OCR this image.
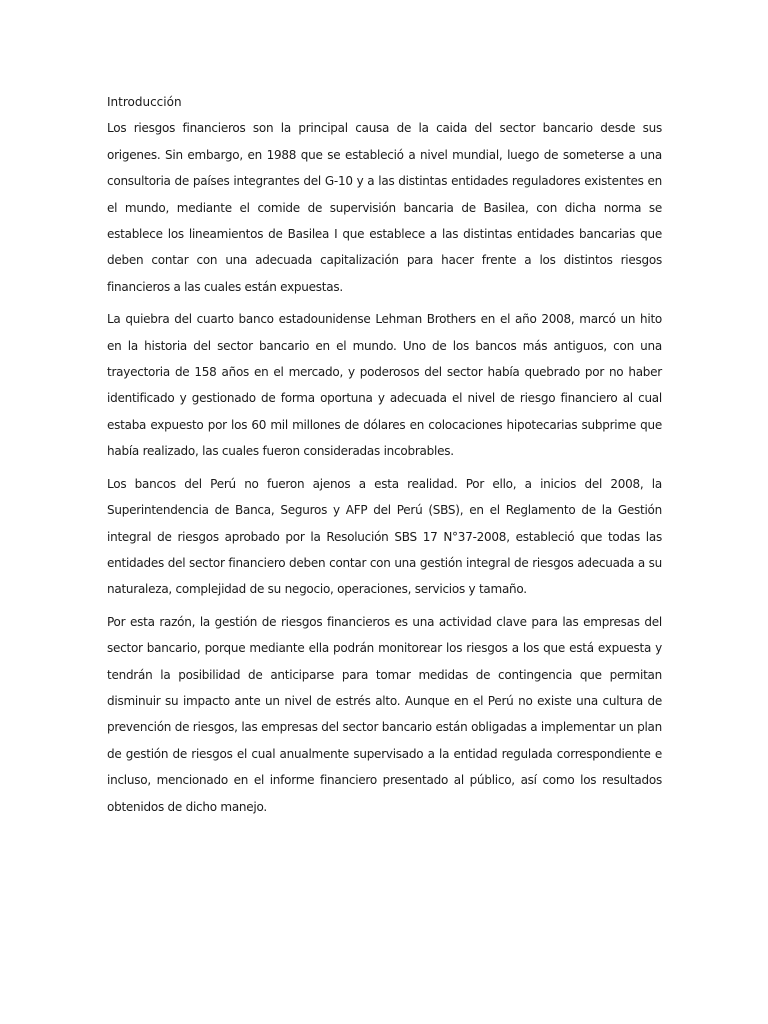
Introducción

Los riesgos financieros son la principal causa de la caida del sector bancario desde sus origenes. Sin embargo, en 1988 que se estableció a nivel mundial, luego de someterse a una consultoria de países integrantes del G-10 y a las distintas entidades reguladores existentes en el mundo, mediante el comide de supervisión bancaria de Basilea, con dicha norma se establece los lineamientos de Basilea I que establece a las distintas entidades bancarias que deben contar con una adecuada capitalización para hacer frente a los distintos riesgos financieros a las cuales están expuestas.

La quiebra del cuarto banco estadounidense Lehman Brothers en el año 2008, marcó un hito en la historia del sector bancario en el mundo. Uno de los bancos más antiguos, con una trayectoria de 158 años en el mercado, y poderosos del sector había quebrado por no haber identificado y gestionado de forma oportuna y adecuada el nivel de riesgo financiero al cual estaba expuesto por los 60 mil millones de dólares en colocaciones hipotecarias subprime que había realizado, las cuales fueron consideradas incobrables.

Los bancos del Perú no fueron ajenos a esta realidad. Por ello, a inicios del 2008, la Superintendencia de Banca, Seguros y AFP del Perú (SBS), en el Reglamento de la Gestión integral de riesgos aprobado por la Resolución SBS 17 N°37-2008, estableció que todas las entidades del sector financiero deben contar con una gestión integral de riesgos adecuada a su naturaleza, complejidad de su negocio, operaciones, servicios y tamaño.

Por esta razón, la gestión de riesgos financieros es una actividad clave para las empresas del sector bancario, porque mediante ella podrán monitorear los riesgos a los que está expuesta y tendrán la posibilidad de anticiparse para tomar medidas de contingencia que permitan disminuir su impacto ante un nivel de estrés alto. Aunque en el Perú no existe una cultura de prevención de riesgos, las empresas del sector bancario están obligadas a implementar un plan de gestión de riesgos el cual anualmente supervisado a la entidad regulada correspondiente e incluso, mencionado en el informe financiero presentado al público, así como los resultados obtenidos de dicho manejo.
